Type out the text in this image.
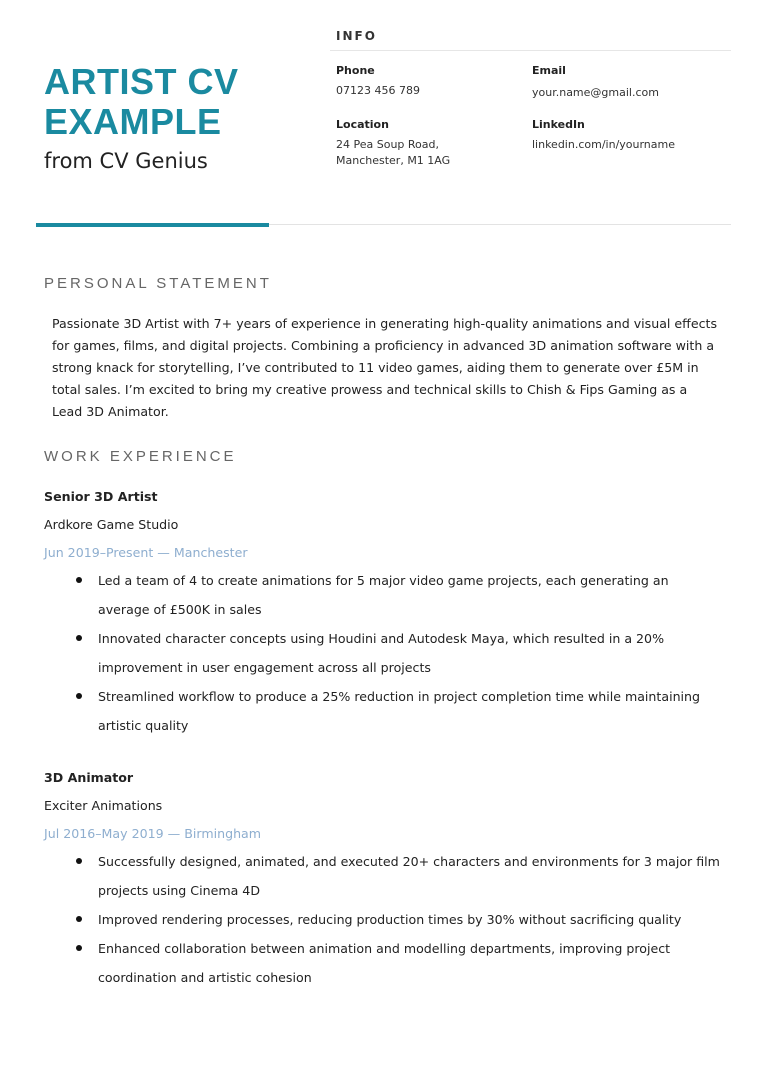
ARTIST CV
EXAMPLE
from CV Genius
INFO
Phone
07123 456 789
Email
your.name@gmail.com
Location
24 Pea Soup Road,
Manchester, M1 1AG
LinkedIn
linkedin.com/in/yourname
PERSONAL STATEMENT
Passionate 3D Artist with 7+ years of experience in generating high-quality animations and visual effects for games, films, and digital projects. Combining a proficiency in advanced 3D animation software with a strong knack for storytelling, I’ve contributed to 11 video games, aiding them to generate over £5M in total sales. I’m excited to bring my creative prowess and technical skills to Chish & Fips Gaming as a Lead 3D Animator.
WORK EXPERIENCE
Senior 3D Artist
Ardkore Game Studio
Jun 2019–Present — Manchester
Led a team of 4 to create animations for 5 major video game projects, each generating an average of £500K in sales
Innovated character concepts using Houdini and Autodesk Maya, which resulted in a 20% improvement in user engagement across all projects
Streamlined workflow to produce a 25% reduction in project completion time while maintaining artistic quality
3D Animator
Exciter Animations
Jul 2016–May 2019 — Birmingham
Successfully designed, animated, and executed 20+ characters and environments for 3 major film projects using Cinema 4D
Improved rendering processes, reducing production times by 30% without sacrificing quality
Enhanced collaboration between animation and modelling departments, improving project coordination and artistic cohesion
